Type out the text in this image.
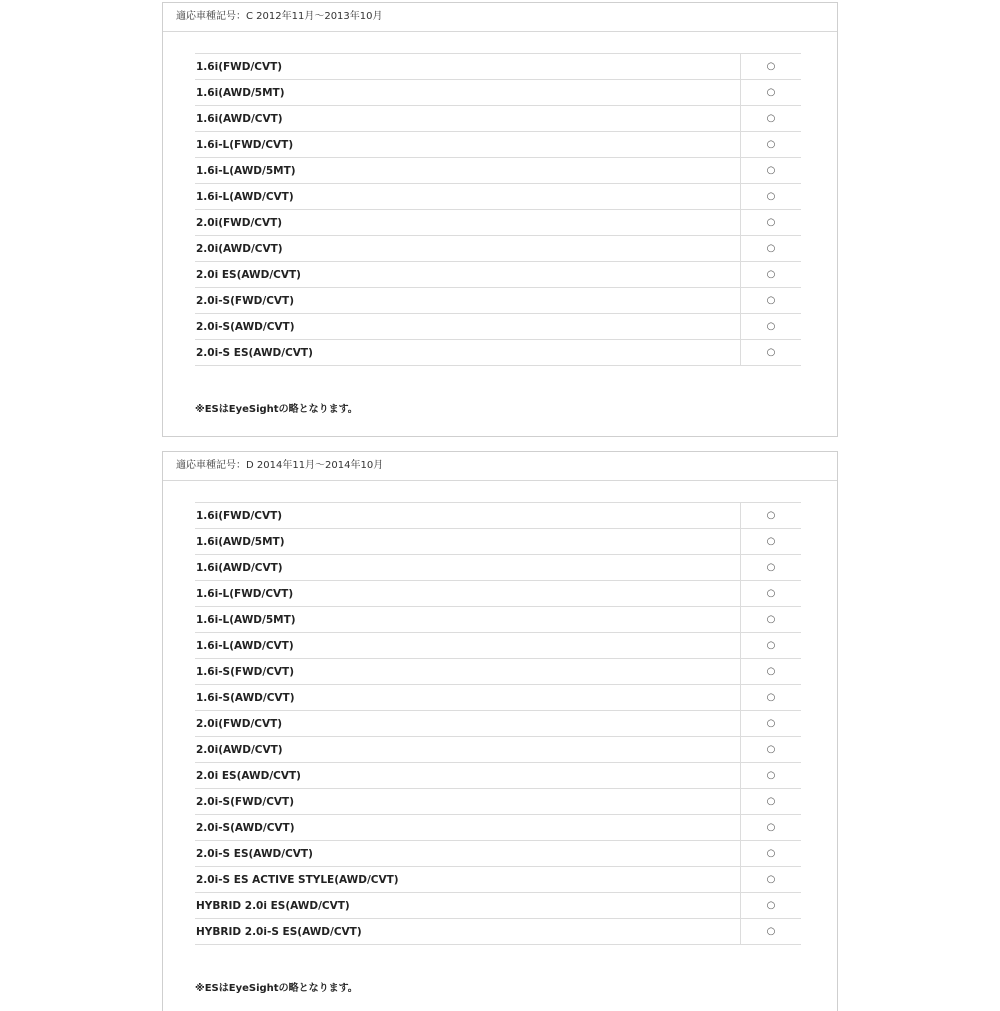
適応車種記号：C 2012年11月～2013年10月
1.6i(FWD/CVT)	○
1.6i(AWD/5MT)	○
1.6i(AWD/CVT)	○
1.6i-L(FWD/CVT)	○
1.6i-L(AWD/5MT)	○
1.6i-L(AWD/CVT)	○
2.0i(FWD/CVT)	○
2.0i(AWD/CVT)	○
2.0i ES(AWD/CVT)	○
2.0i-S(FWD/CVT)	○
2.0i-S(AWD/CVT)	○
2.0i-S ES(AWD/CVT)	○
※ESはEyeSightの略となります。
適応車種記号：D 2014年11月～2014年10月
1.6i(FWD/CVT)	○
1.6i(AWD/5MT)	○
1.6i(AWD/CVT)	○
1.6i-L(FWD/CVT)	○
1.6i-L(AWD/5MT)	○
1.6i-L(AWD/CVT)	○
1.6i-S(FWD/CVT)	○
1.6i-S(AWD/CVT)	○
2.0i(FWD/CVT)	○
2.0i(AWD/CVT)	○
2.0i ES(AWD/CVT)	○
2.0i-S(FWD/CVT)	○
2.0i-S(AWD/CVT)	○
2.0i-S ES(AWD/CVT)	○
2.0i-S ES ACTIVE STYLE(AWD/CVT)	○
HYBRID 2.0i ES(AWD/CVT)	○
HYBRID 2.0i-S ES(AWD/CVT)	○
※ESはEyeSightの略となります。
